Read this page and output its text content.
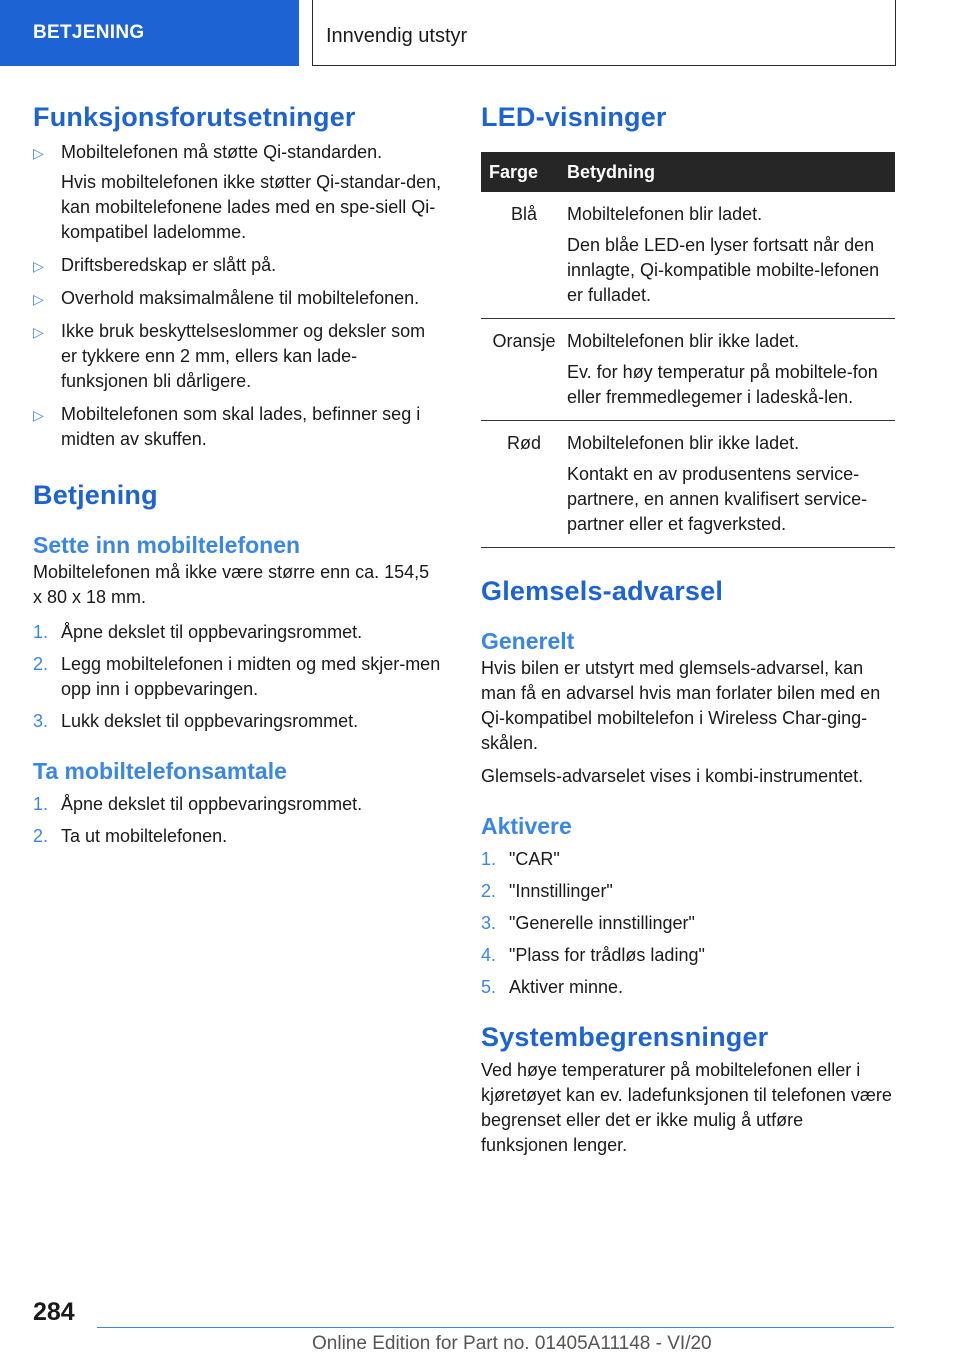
BETJENING	Innvendig utstyr
Funksjonsforutsetninger
▷ Mobiltelefonen må støtte Qi-standarden.
Hvis mobiltelefonen ikke støtter Qi-standar-den, kan mobiltelefonene lades med en spe-siell Qi-kompatibel ladelomme.
▷ Driftsberedskap er slått på.
▷ Overhold maksimalmålene til mobiltelefonen.
▷ Ikke bruk beskyttelseslommer og deksler som er tykkere enn 2 mm, ellers kan lade-funksjonen bli dårligere.
▷ Mobiltelefonen som skal lades, befinner seg i midten av skuffen.
Betjening
Sette inn mobiltelefonen
Mobiltelefonen må ikke være større enn ca. 154,5 x 80 x 18 mm.
1. Åpne dekslet til oppbevaringsrommet.
2. Legg mobiltelefonen i midten og med skjer-men opp inn i oppbevaringen.
3. Lukk dekslet til oppbevaringsrommet.
Ta mobiltelefonsamtale
1. Åpne dekslet til oppbevaringsrommet.
2. Ta ut mobiltelefonen.
LED-visninger
Farge	Betydning
Blå	Mobiltelefonen blir ladet.
Den blåe LED-en lyser fortsatt når den innlagte, Qi-kompatible mobilte-lefonen er fulladet.

Oransje	Mobiltelefonen blir ikke ladet.
Ev. for høy temperatur på mobiltele-fon eller fremmedlegemer i ladeskå-len.

Rød	Mobiltelefonen blir ikke ladet.
Kontakt en av produsentens service-partnere, en annen kvalifisert service-partner eller et fagverksted.
Glemsels-advarsel
Generelt
Hvis bilen er utstyrt med glemsels-advarsel, kan man få en advarsel hvis man forlater bilen med en Qi-kompatibel mobiltelefon i Wireless Char-ging-skålen.
Glemsels-advarselet vises i kombi-instrumentet.
Aktivere
1. "CAR"
2. "Innstillinger"
3. "Generelle innstillinger"
4. "Plass for trådløs lading"
5. Aktiver minne.
Systembegrensninger
Ved høye temperaturer på mobiltelefonen eller i kjøretøyet kan ev. ladefunksjonen til telefonen være begrenset eller det er ikke mulig å utføre funksjonen lenger.
284
Online Edition for Part no. 01405A11148 - VI/20
